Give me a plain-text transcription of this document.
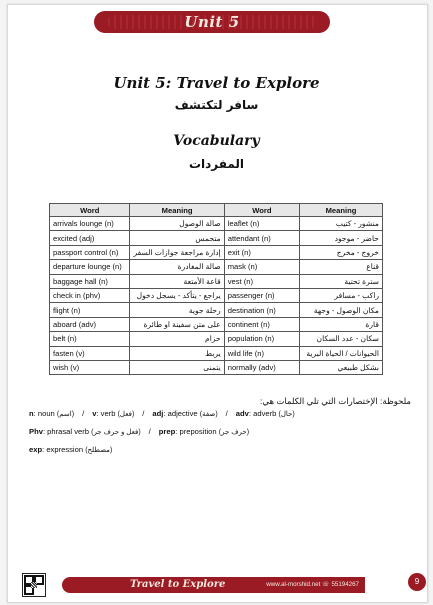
Unit 5
Unit 5: Travel to Explore
سافر لتكتشف
Vocabulary
المفردات
Word	Meaning	Word	Meaning
arrivals lounge (n)	صالة الوصول	leaflet (n)	منشور - كتيب
excited (adj)	متحمس	attendant (n)	حاضر - موجود
passport control (n)	إدارة مراجعة جوازات السفر	exit (n)	خروج - مخرج
departure lounge (n)	صالة المغادرة	mask (n)	قناع
baggage hall (n)	قاعة الأمتعة	vest (n)	سترة تحتية
check in (phv)	يراجع - يتأكد - يسجل دخول	passenger (n)	راكب - مسافر
flight (n)	رحلة جوية	destination (n)	مكان الوصول - وجهة
aboard (adv)	على متن سفينة او طائرة	continent (n)	قارة
belt (n)	حزام	population (n)	سكان - عدد السكان
fasten (v)	يربط	wild life (n)	الحيوانات / الحياة البرية
wish (v)	يتمنى	normally (adv)	بشكل طبيعي
ملحوظة: الإختصارات التي تلي الكلمات هي:
n: noun (اسم) / v: verb (فعل) / adj: adjective (صفة) / adv: adverb (حال)
Phv: phrasal verb (فعل و حرف جر) / prep: preposition (حرف جر)
exp: expression (مصطلح)
Travel to Explore	www.al-morshid.net ☏ 55194267	9
